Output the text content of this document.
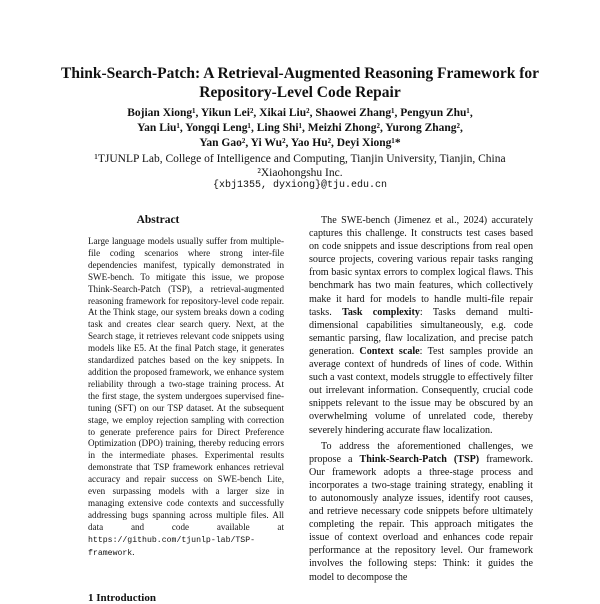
Think-Search-Patch: A Retrieval-Augmented Reasoning Framework for Repository-Level Code Repair
Bojian Xiong¹, Yikun Lei², Xikai Liu², Shaowei Zhang¹, Pengyun Zhu¹,
Yan Liu¹, Yongqi Leng¹, Ling Shi¹, Meizhi Zhong², Yurong Zhang²,
Yan Gao², Yi Wu², Yao Hu², Deyi Xiong¹*
¹TJUNLP Lab, College of Intelligence and Computing, Tianjin University, Tianjin, China
²Xiaohongshu Inc.
{xbj1355, dyxiong}@tju.edu.cn
Abstract
Large language models usually suffer from multiple-file coding scenarios where strong inter-file dependencies manifest, typically demonstrated in SWE-bench. To mitigate this issue, we propose Think-Search-Patch (TSP), a retrieval-augmented reasoning framework for repository-level code repair. At the Think stage, our system breaks down a coding task and creates clear search query. Next, at the Search stage, it retrieves relevant code snippets using models like E5. At the final Patch stage, it generates standardized patches based on the key snippets. In addition the proposed framework, we enhance system reliability through a two-stage training process. At the first stage, the system undergoes supervised fine-tuning (SFT) on our TSP dataset. At the subsequent stage, we employ rejection sampling with correction to generate preference pairs for Direct Preference Optimization (DPO) training, thereby reducing errors in the intermediate phases. Experimental results demonstrate that TSP framework enhances retrieval accuracy and repair success on SWE-bench Lite, even surpassing models with a larger size in managing extensive code contexts and successfully addressing bugs spanning across multiple files. All data and code available at https://github.com/tjunlp-lab/TSP-framework.
1 Introduction

The SWE-bench (Jimenez et al., 2024) accurately captures this challenge. It constructs test cases based on code snippets and issue descriptions from real open source projects, covering various repair tasks ranging from basic syntax errors to complex logical flaws. This benchmark has two main features, which collectively make it hard for models to handle multi-file repair tasks. Task complexity: Tasks demand multi-dimensional capabilities simultaneously, e.g. code semantic parsing, flaw localization, and precise patch generation. Context scale: Test samples provide an average context of hundreds of lines of code. Within such a vast context, models struggle to effectively filter out irrelevant information. Consequently, crucial code snippets relevant to the issue may be obscured by an overwhelming volume of unrelated code, thereby severely hindering accurate flaw localization.

To address the aforementioned challenges, we propose a Think-Search-Patch (TSP) framework. Our framework adopts a three-stage process and incorporates a two-stage training strategy, enabling it to autonomously analyze issues, identify root causes, and retrieve necessary code snippets before ultimately completing the repair. This approach mitigates the issue of context overload and enhances code repair performance at the repository level. Our framework involves the following steps: Think: it guides the model to decompose the
